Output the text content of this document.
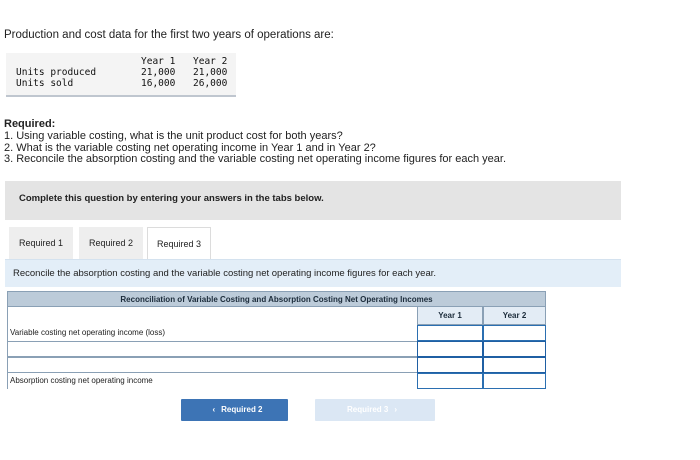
Production and cost data for the first two years of operations are:
Year 1 Year 2
Units produced	21,000 21,000
Units sold	16,000 26,000
Required:
1. Using variable costing, what is the unit product cost for both years?
2. What is the variable costing net operating income in Year 1 and in Year 2?
3. Reconcile the absorption costing and the variable costing net operating income figures for each year.
Complete this question by entering your answers in the tabs below.
Required 1	Required 2	Required 3
Reconcile the absorption costing and the variable costing net operating income figures for each year.
Reconciliation of Variable Costing and Absorption Costing Net Operating Incomes
Year 1	Year 2
Variable costing net operating income (loss)
Absorption costing net operating income
‹ Required 2	Required 3 ›
